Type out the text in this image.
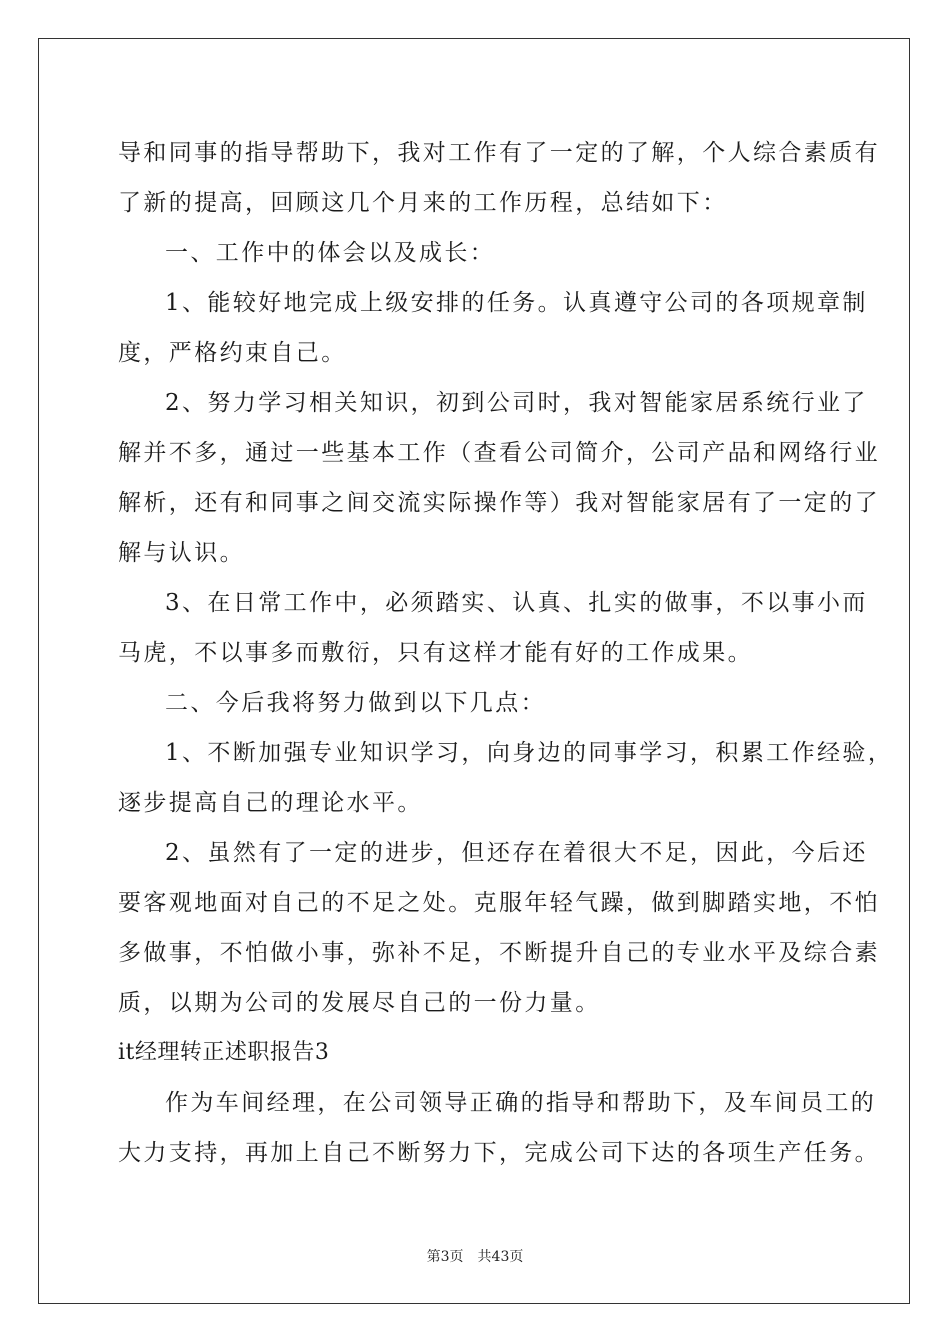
导和同事的指导帮助下，我对工作有了一定的了解，个人综合素质有
了新的提高，回顾这几个月来的工作历程，总结如下：
一、工作中的体会以及成长：
1、能较好地完成上级安排的任务。认真遵守公司的各项规章制
度，严格约束自己。
2、努力学习相关知识，初到公司时，我对智能家居系统行业了
解并不多，通过一些基本工作（查看公司简介，公司产品和网络行业
解析，还有和同事之间交流实际操作等）我对智能家居有了一定的了
解与认识。
3、在日常工作中，必须踏实、认真、扎实的做事，不以事小而
马虎，不以事多而敷衍，只有这样才能有好的工作成果。
二、今后我将努力做到以下几点：
1、不断加强专业知识学习，向身边的同事学习，积累工作经验，
逐步提高自己的理论水平。
2、虽然有了一定的进步，但还存在着很大不足，因此，今后还
要客观地面对自己的不足之处。克服年轻气躁，做到脚踏实地，不怕
多做事，不怕做小事，弥补不足，不断提升自己的专业水平及综合素
质，以期为公司的发展尽自己的一份力量。
it经理转正述职报告3
作为车间经理，在公司领导正确的指导和帮助下，及车间员工的
大力支持，再加上自己不断努力下，完成公司下达的各项生产任务。
第3页 共43页
